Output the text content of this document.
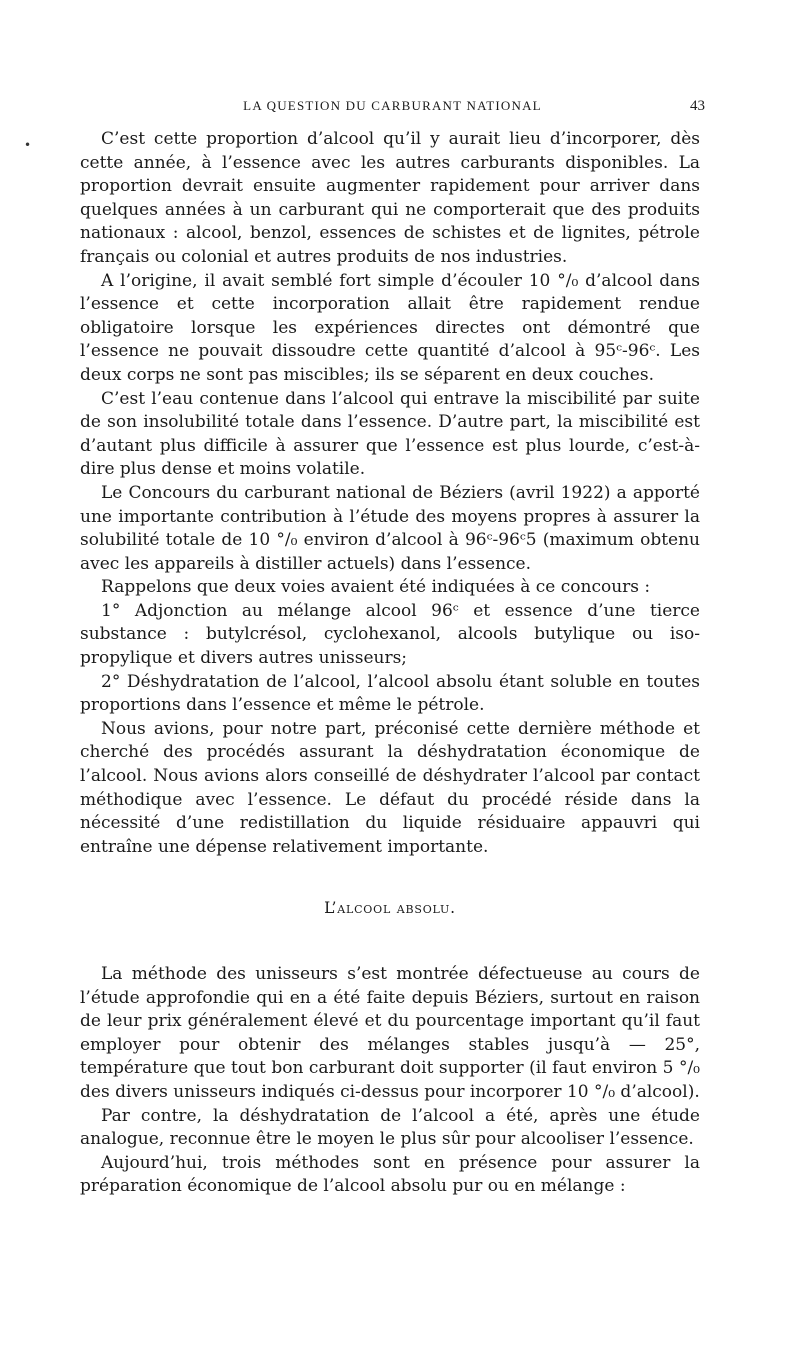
LA QUESTION DU CARBURANT NATIONAL	43
•	C’est cette proportion d’alcool qu’il y aurait lieu d’incorporer, dès cette année, à l’essence avec les autres carburants disponibles. La proportion devrait ensuite augmenter rapidement pour arriver dans quelques années à un carburant qui ne comporterait que des produits nationaux : alcool, benzol, essences de schistes et de lignites, pétrole français ou colonial et autres produits de nos industries.

A l’origine, il avait semblé fort simple d’écouler 10 °/₀ d’alcool dans l’essence et cette incorporation allait être rapidement rendue obligatoire lorsque les expériences directes ont démontré que l’essence ne pouvait dissoudre cette quantité d’alcool à 95ᶜ-96ᶜ. Les deux corps ne sont pas miscibles; ils se séparent en deux couches.

C’est l’eau contenue dans l’alcool qui entrave la miscibilité par suite de son insolubilité totale dans l’essence. D’autre part, la miscibilité est d’autant plus difficile à assurer que l’essence est plus lourde, c’est-à-dire plus dense et moins volatile.

Le Concours du carburant national de Béziers (avril 1922) a apporté une importante contribution à l’étude des moyens propres à assurer la solubilité totale de 10 °/₀ environ d’alcool à 96ᶜ-96ᶜ5 (maximum obtenu avec les appareils à distiller actuels) dans l’essence.

Rappelons que deux voies avaient été indiquées à ce concours :

1° Adjonction au mélange alcool 96ᶜ et essence d’une tierce substance : butylcrésol, cyclohexanol, alcools butylique ou iso-propylique et divers autres unisseurs;

2° Déshydratation de l’alcool, l’alcool absolu étant soluble en toutes proportions dans l’essence et même le pétrole.

Nous avions, pour notre part, préconisé cette dernière méthode et cherché des procédés assurant la déshydratation économique de l’alcool. Nous avions alors conseillé de déshydrater l’alcool par contact méthodique avec l’essence. Le défaut du procédé réside dans la nécessité d’une redistillation du liquide résiduaire appauvri qui entraîne une dépense relativement importante.

L’alcool absolu.

La méthode des unisseurs s’est montrée défectueuse au cours de l’étude approfondie qui en a été faite depuis Béziers, surtout en raison de leur prix généralement élevé et du pourcentage important qu’il faut employer pour obtenir des mélanges stables jusqu’à — 25°, température que tout bon carburant doit supporter (il faut environ 5 °/₀ des divers unisseurs indiqués ci-dessus pour incorporer 10 °/₀ d’alcool).

Par contre, la déshydratation de l’alcool a été, après une étude analogue, reconnue être le moyen le plus sûr pour alcooliser l’essence.

Aujourd’hui, trois méthodes sont en présence pour assurer la préparation économique de l’alcool absolu pur ou en mélange :
